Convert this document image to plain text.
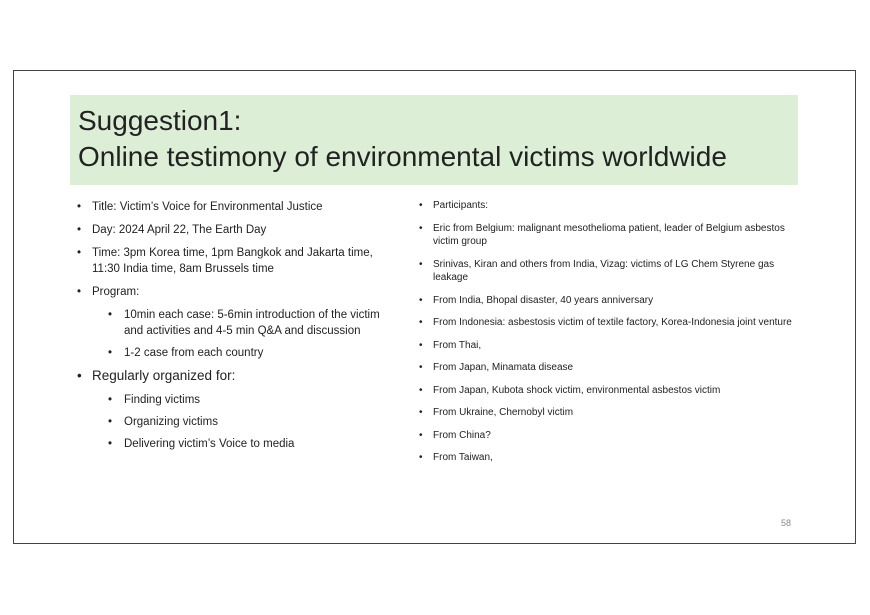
Suggestion1:
Online testimony of environmental victims worldwide
• Title: Victim’s Voice for Environmental Justice
• Day: 2024 April 22, The Earth Day
• Time: 3pm Korea time, 1pm Bangkok and Jakarta time, 11:30 India time, 8am Brussels time
• Program:
• 10min each case: 5-6min introduction of the victim and activities and 4-5 min Q&A and discussion
• 1-2 case from each country
• Regularly organized for:
• Finding victims
• Organizing victims
• Delivering victim’s Voice to media
• Participants:
• Eric from Belgium: malignant mesothelioma patient, leader of Belgium asbestos victim group
• Srinivas, Kiran and others from India, Vizag: victims of LG Chem Styrene gas leakage
• From India, Bhopal disaster, 40 years anniversary
• From Indonesia: asbestosis victim of textile factory, Korea-Indonesia joint venture
• From Thai,
• From Japan, Minamata disease
• From Japan, Kubota shock victim, environmental asbestos victim
• From Ukraine, Chernobyl victim
• From China?
• From Taiwan,
58
